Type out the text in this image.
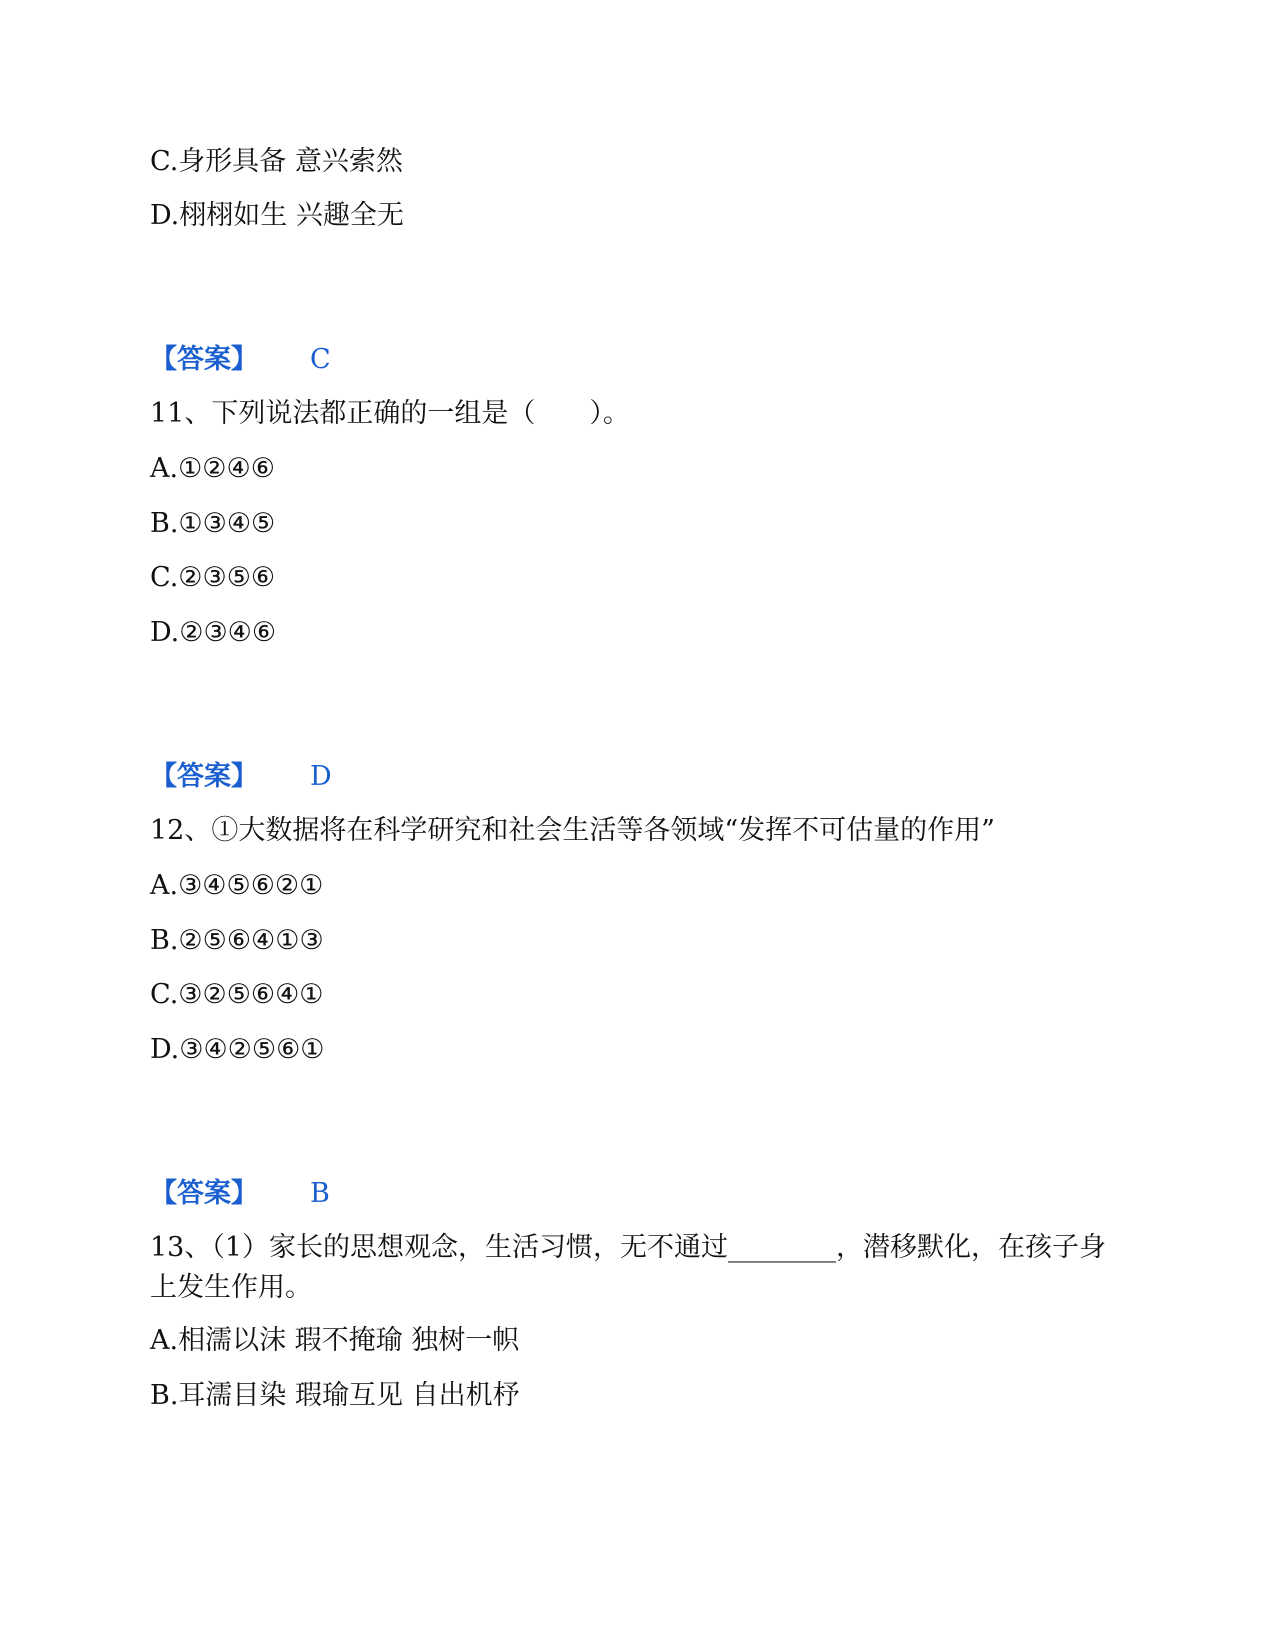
C.身形具备 意兴索然
D.栩栩如生 兴趣全无
【答案】 C
11、下列说法都正确的一组是（　　）。
A.①②④⑥
B.①③④⑤
C.②③⑤⑥
D.②③④⑥
【答案】 D
12、①大数据将在科学研究和社会生活等各领域“发挥不可估量的作用”
A.③④⑤⑥②①
B.②⑤⑥④①③
C.③②⑤⑥④①
D.③④②⑤⑥①
【答案】 B
13、（1）家长的思想观念，生活习惯，无不通过________，潜移默化，在孩子身上发生作用。
A.相濡以沫 瑕不掩瑜 独树一帜
B.耳濡目染 瑕瑜互见 自出机杼
